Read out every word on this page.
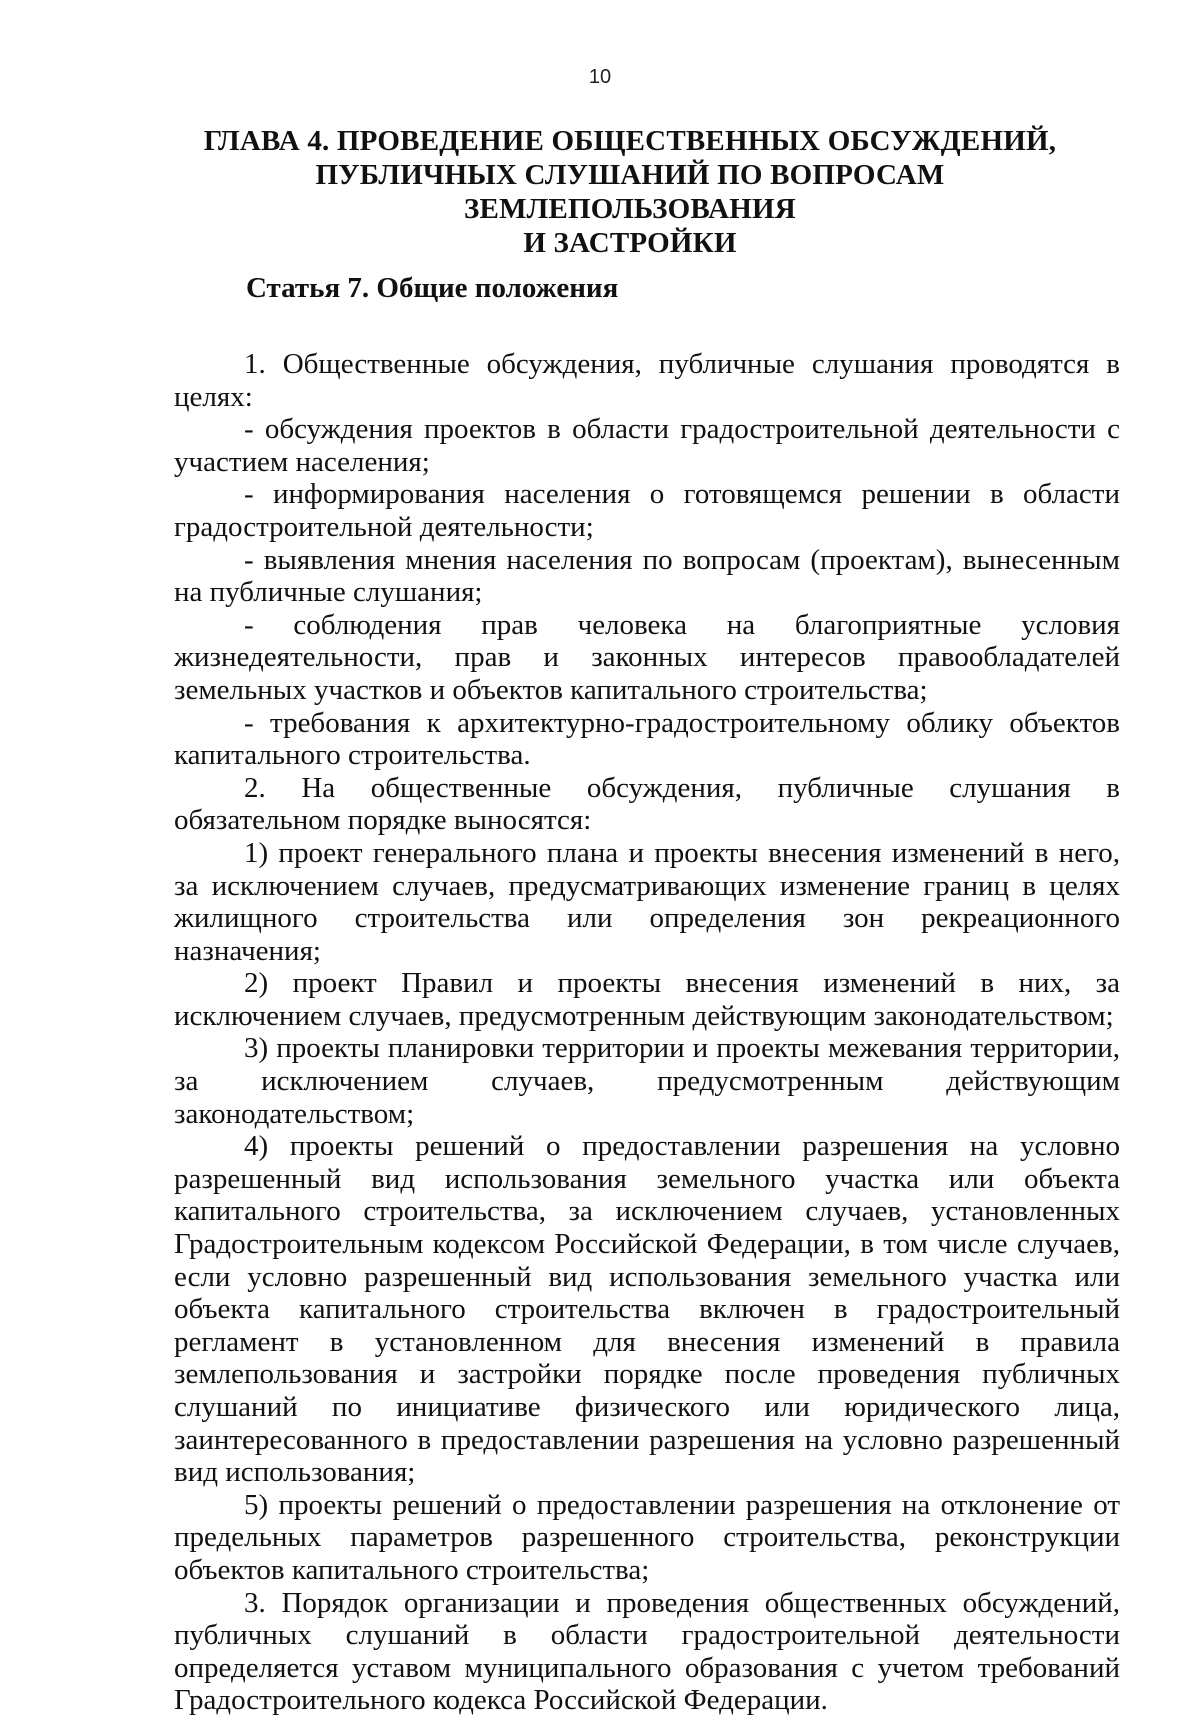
10
ГЛАВА 4. ПРОВЕДЕНИЕ ОБЩЕСТВЕННЫХ ОБСУЖДЕНИЙ,
ПУБЛИЧНЫХ СЛУШАНИЙ ПО ВОПРОСАМ ЗЕМЛЕПОЛЬЗОВАНИЯ
И ЗАСТРОЙКИ
Статья 7. Общие положения

1. Общественные обсуждения, публичные слушания проводятся в целях:

- обсуждения проектов в области градостроительной деятельности с участием населения;

- информирования населения о готовящемся решении в области градостроительной деятельности;

- выявления мнения населения по вопросам (проектам), вынесенным на публичные слушания;

- соблюдения прав человека на благоприятные условия жизнедеятельности, прав и законных интересов правообладателей земельных участков и объектов капитального строительства;

- требования к архитектурно-градостроительному облику объектов капитального строительства.

2. На общественные обсуждения, публичные слушания в обязательном порядке выносятся:

1) проект генерального плана и проекты внесения изменений в него, за исключением случаев, предусматривающих изменение границ в целях жилищного строительства или определения зон рекреационного назначения;

2) проект Правил и проекты внесения изменений в них, за исключением случаев, предусмотренным действующим законодательством;

3) проекты планировки территории и проекты межевания территории, за исключением случаев, предусмотренным действующим законодательством;

4) проекты решений о предоставлении разрешения на условно разрешенный вид использования земельного участка или объекта капитального строительства, за исключением случаев, установленных Градостроительным кодексом Российской Федерации, в том числе случаев, если условно разрешенный вид использования земельного участка или объекта капитального строительства включен в градостроительный регламент в установленном для внесения изменений в правила землепользования и застройки порядке после проведения публичных слушаний по инициативе физического или юридического лица, заинтересованного в предоставлении разрешения на условно разрешенный вид использования;

5) проекты решений о предоставлении разрешения на отклонение от предельных параметров разрешенного строительства, реконструкции объектов капитального строительства;

3. Порядок организации и проведения общественных обсуждений, публичных слушаний в области градостроительной деятельности определяется уставом муниципального образования с учетом требований Градостроительного кодекса Российской Федерации.
